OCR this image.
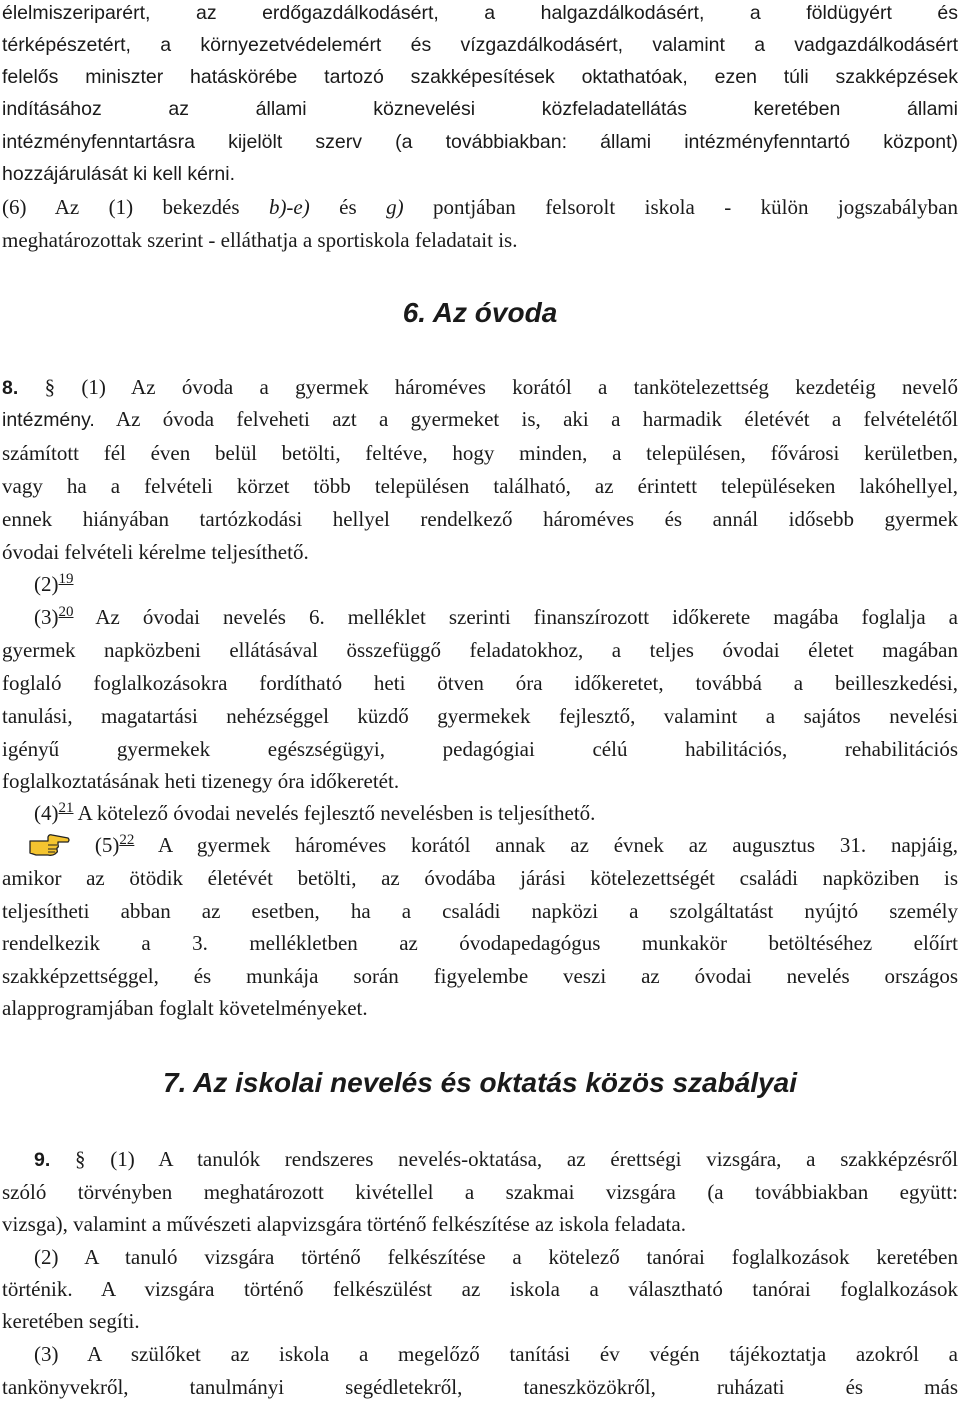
élelmiszeriparért, az erdőgazdálkodásért, a halgazdálkodásért, a földügyért és
térképészetért, a környezetvédelemért és vízgazdálkodásért, valamint a vadgazdálkodásért
felelős miniszter hatáskörébe tartozó szakképesítések oktathatóak, ezen túli szakképzések
indításához az állami köznevelési közfeladatellátás keretében állami
intézményfenntartásra kijelölt szerv (a továbbiakban: állami intézményfenntartó központ)
hozzájárulását ki kell kérni.
(6) Az (1) bekezdés b)-e) és g) pontjában felsorolt iskola - külön jogszabályban
meghatározottak szerint - elláthatja a sportiskola feladatait is.
6. Az óvoda
8. § (1) Az óvoda a gyermek hároméves korától a tankötelezettség kezdetéig nevelő
intézmény. Az óvoda felveheti azt a gyermeket is, aki a harmadik életévét a felvételétől
számított fél éven belül betölti, feltéve, hogy minden, a településen, fővárosi kerületben,
vagy ha a felvételi körzet több településen található, az érintett településeken lakóhellyel,
ennek hiányában tartózkodási hellyel rendelkező hároméves és annál idősebb gyermek
óvodai felvételi kérelme teljesíthető.
(2)$^{19}$
(3)$^{20}$ Az óvodai nevelés 6. melléklet szerinti finanszírozott időkerete magába foglalja a
gyermek napközbeni ellátásával összefüggő feladatokhoz, a teljes óvodai életet magában
foglaló foglalkozásokra fordítható heti ötven óra időkeretet, továbbá a beilleszkedési,
tanulási, magatartási nehézséggel küzdő gyermekek fejlesztő, valamint a sajátos nevelési
igényű gyermekek egészségügyi, pedagógiai célú habilitációs, rehabilitációs
foglalkoztatásának heti tizenegy óra időkeretét.
(4)$^{21}$ A kötelező óvodai nevelés fejlesztő nevelésben is teljesíthető.
(5)$^{22}$ A gyermek hároméves korától annak az évnek az augusztus 31. napjáig,
amikor az ötödik életévét betölti, az óvodába járási kötelezettségét családi napköziben is
teljesítheti abban az esetben, ha a családi napközi a szolgáltatást nyújtó személy
rendelkezik a 3. mellékletben az óvodapedagógus munkakör betöltéséhez előírt
szakképzettséggel, és munkája során figyelembe veszi az óvodai nevelés országos
alapprogramjában foglalt követelményeket.
7. Az iskolai nevelés és oktatás közös szabályai
9. § (1) A tanulók rendszeres nevelés-oktatása, az érettségi vizsgára, a szakképzésről
szóló törvényben meghatározott kivétellel a szakmai vizsgára (a továbbiakban együtt:
vizsga), valamint a művészeti alapvizsgára történő felkészítése az iskola feladata.
(2) A tanuló vizsgára történő felkészítése a kötelező tanórai foglalkozások keretében
történik. A vizsgára történő felkészülést az iskola a választható tanórai foglalkozások
keretében segíti.
(3) A szülőket az iskola a megelőző tanítási év végén tájékoztatja azokról a
tankönyvekről, tanulmányi segédletekről, taneszközökről, ruházati és más
